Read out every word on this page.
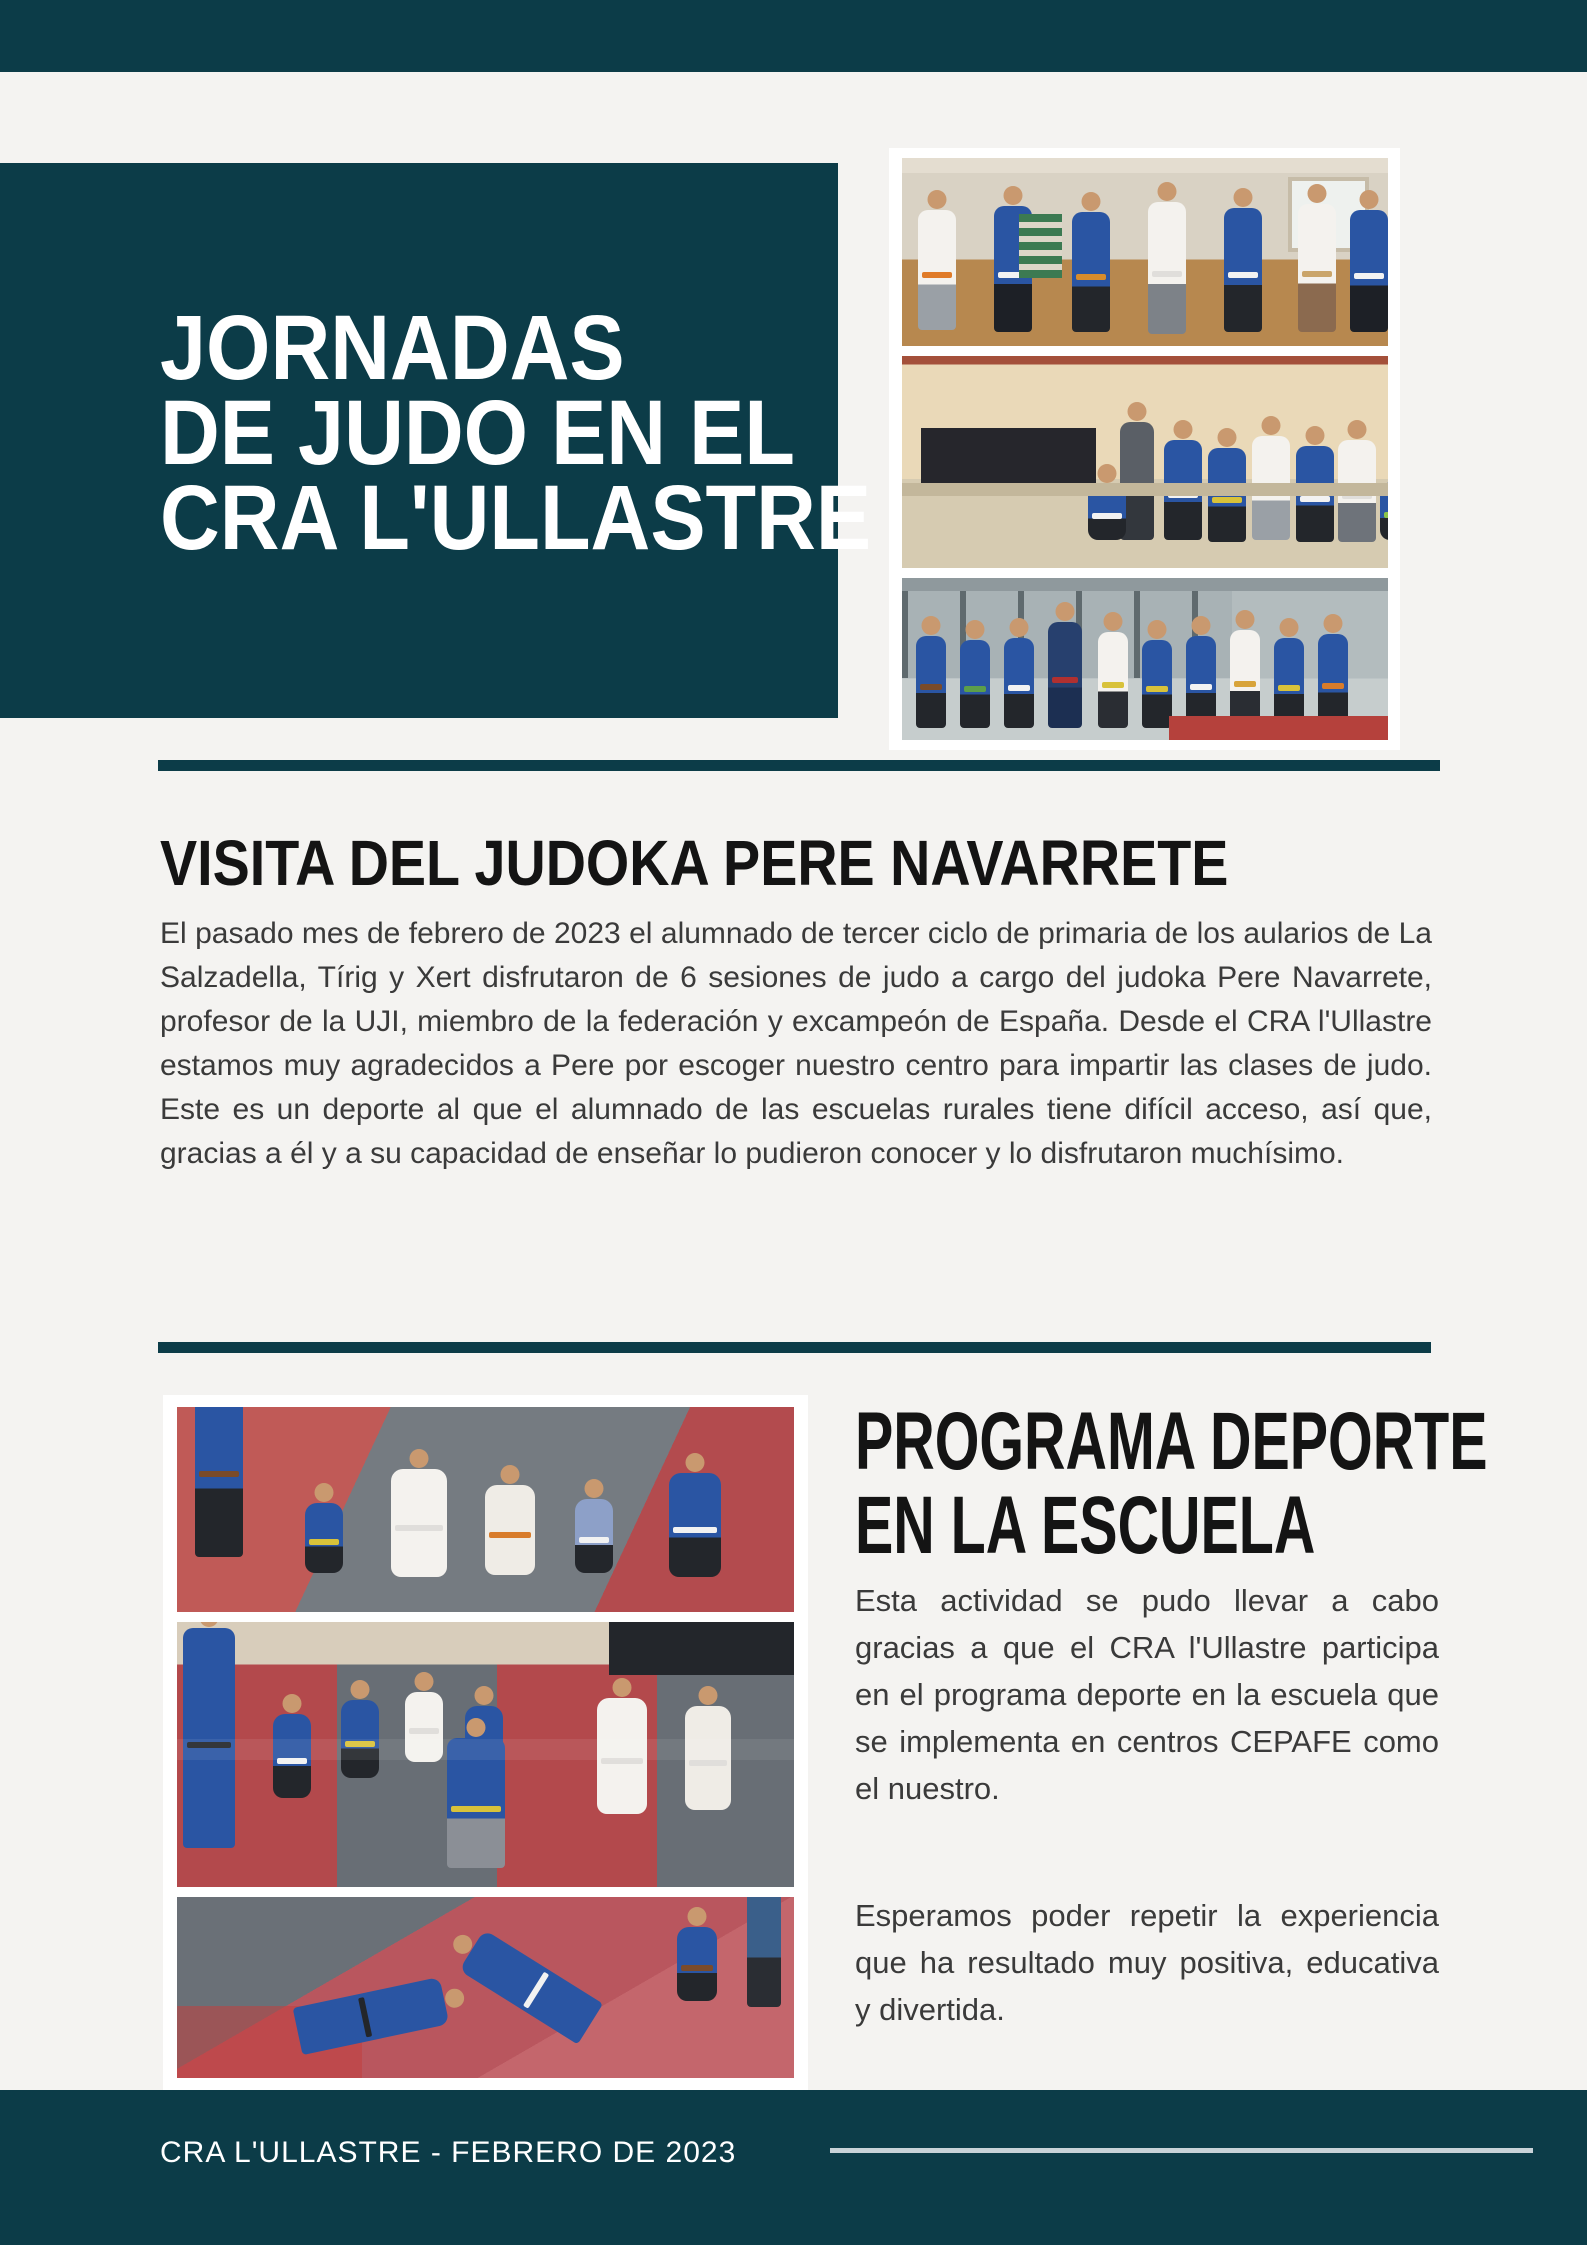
JORNADAS
DE JUDO EN EL
CRA L'ULLASTRE
VISITA DEL JUDOKA PERE NAVARRETE

El pasado mes de febrero de 2023 el alumnado de tercer ciclo de primaria de los aularios de La Salzadella, Tírig y Xert disfrutaron de 6 sesiones de judo a cargo del judoka Pere Navarrete, profesor de la UJI, miembro de la federación y excampeón de España. Desde el CRA l'Ullastre estamos muy agradecidos a Pere por escoger nuestro centro para impartir las clases de judo. Este es un deporte al que el alumnado de las escuelas rurales tiene difícil acceso, así que, gracias a él y a su capacidad de enseñar lo pudieron conocer y lo disfrutaron muchísimo.

PROGRAMA DEPORTE
EN LA ESCUELA

Esta actividad se pudo llevar a cabo gracias a que el CRA l'Ullastre participa en el programa deporte en la escuela que se implementa en centros CEPAFE como el nuestro.

Esperamos poder repetir la experiencia que ha resultado muy positiva, educativa y divertida.

CRA L'ULLASTRE - FEBRERO DE 2023
